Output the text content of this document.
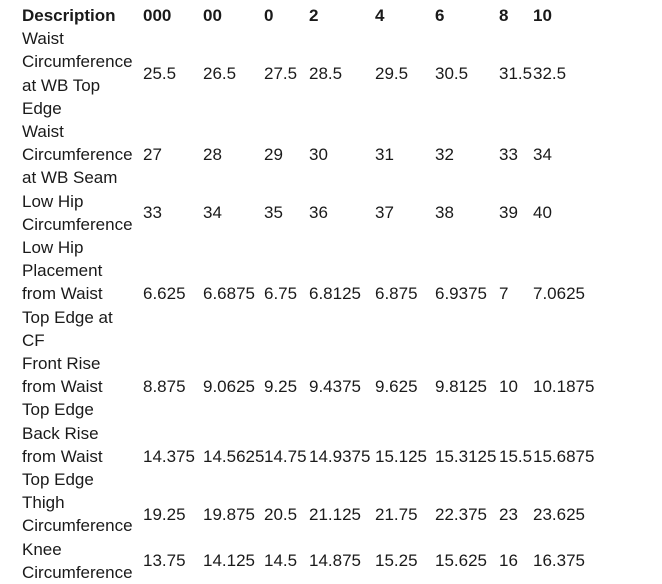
Description	000	00	0	2	4	6	8	10

Waist
Circumference
at WB Top
Edge	25.5	26.5	27.5	28.5	29.5	30.5	31.5	32.5

Waist
Circumference
at WB Seam	27	28	29	30	31	32	33	34

Low Hip
Circumference	33	34	35	36	37	38	39	40

Low Hip
Placement
from Waist
Top Edge at
CF	6.625	6.6875	6.75	6.8125	6.875	6.9375	7	7.0625

Front Rise
from Waist
Top Edge	8.875	9.0625	9.25	9.4375	9.625	9.8125	10	10.1875

Back Rise
from Waist
Top Edge	14.375	14.5625	14.75	14.9375	15.125	15.3125	15.5	15.6875

Thigh
Circumference	19.25	19.875	20.5	21.125	21.75	22.375	23	23.625

Knee
Circumference	13.75	14.125	14.5	14.875	15.25	15.625	16	16.375
